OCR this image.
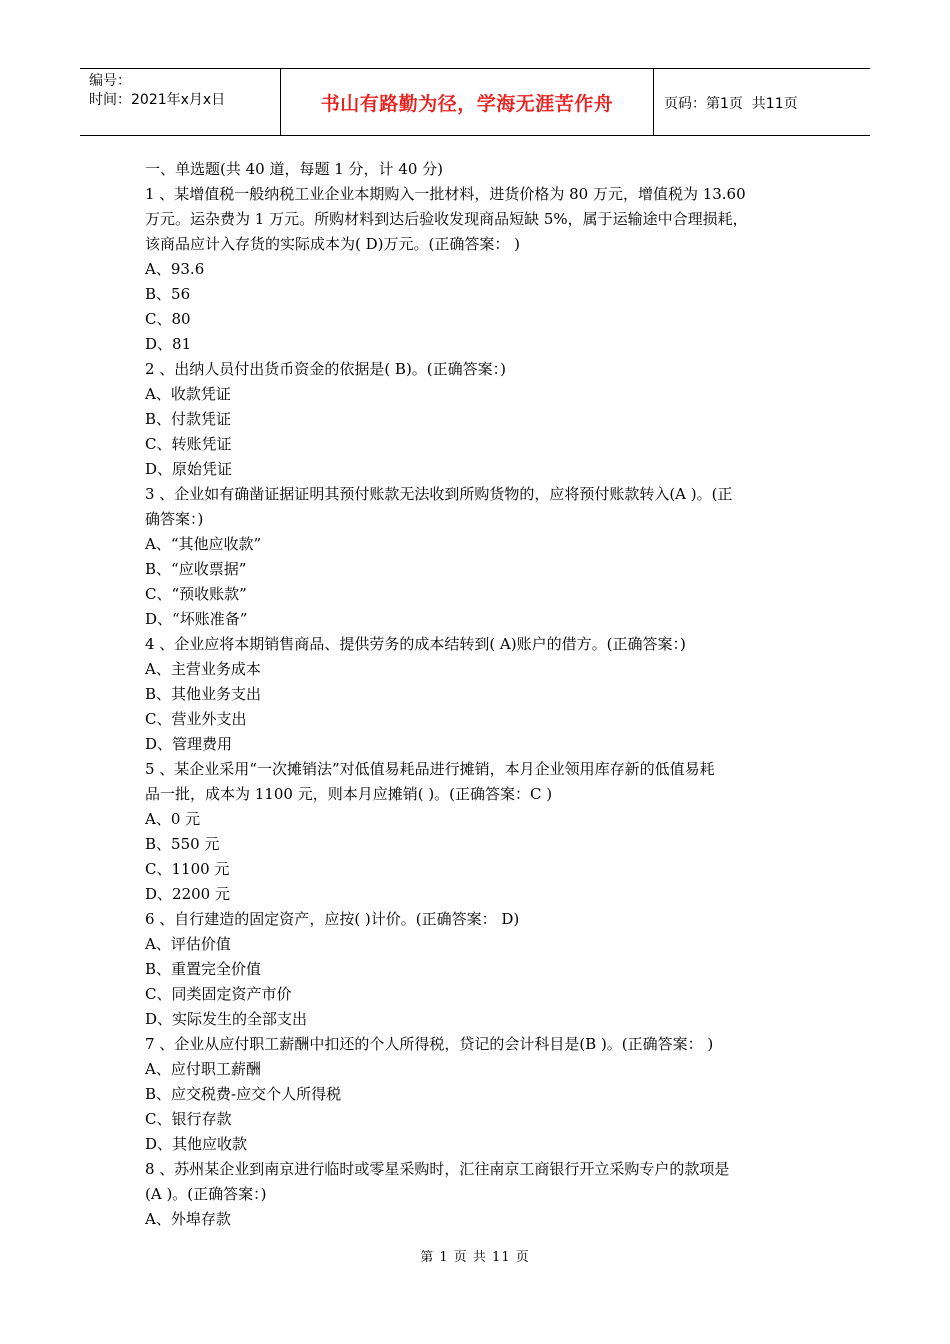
编号：
时间：2021年x月x日	书山有路勤为径，学海无涯苦作舟	页码：第1页  共11页

一、单选题(共 40 道，每题 1 分，计 40 分)

1 、某增值税一般纳税工业企业本期购入一批材料，进货价格为 80 万元，增值税为 13.60

万元。运杂费为 1 万元。所购材料到达后验收发现商品短缺 5%，属于运输途中合理损耗，

该商品应计入存货的实际成本为( D)万元。(正确答案： )

A、93.6

B、56

C、80

D、81

2 、出纳人员付出货币资金的依据是( B)。(正确答案：)

A、收款凭证

B、付款凭证

C、转账凭证

D、原始凭证

3 、企业如有确凿证据证明其预付账款无法收到所购货物的，应将预付账款转入(A )。(正

确答案：)

A、“其他应收款”

B、“应收票据”

C、“预收账款”

D、“坏账准备”

4 、企业应将本期销售商品、提供劳务的成本结转到( A)账户的借方。(正确答案：)

A、主营业务成本

B、其他业务支出

C、营业外支出

D、管理费用

5 、某企业采用“一次摊销法”对低值易耗品进行摊销，本月企业领用库存新的低值易耗

品一批，成本为 1100 元，则本月应摊销( )。(正确答案：C )

A、0 元

B、550 元

C、1100 元

D、2200 元

6 、自行建造的固定资产，应按( )计价。(正确答案： D)

A、评估价值

B、重置完全价值

C、同类固定资产市价

D、实际发生的全部支出

7 、企业从应付职工薪酬中扣还的个人所得税，贷记的会计科目是(B )。(正确答案： )

A、应付职工薪酬

B、应交税费-应交个人所得税

C、银行存款

D、其他应收款

8 、苏州某企业到南京进行临时或零星采购时，汇往南京工商银行开立采购专户的款项是

(A )。(正确答案：)

A、外埠存款

第 1 页 共 11 页
